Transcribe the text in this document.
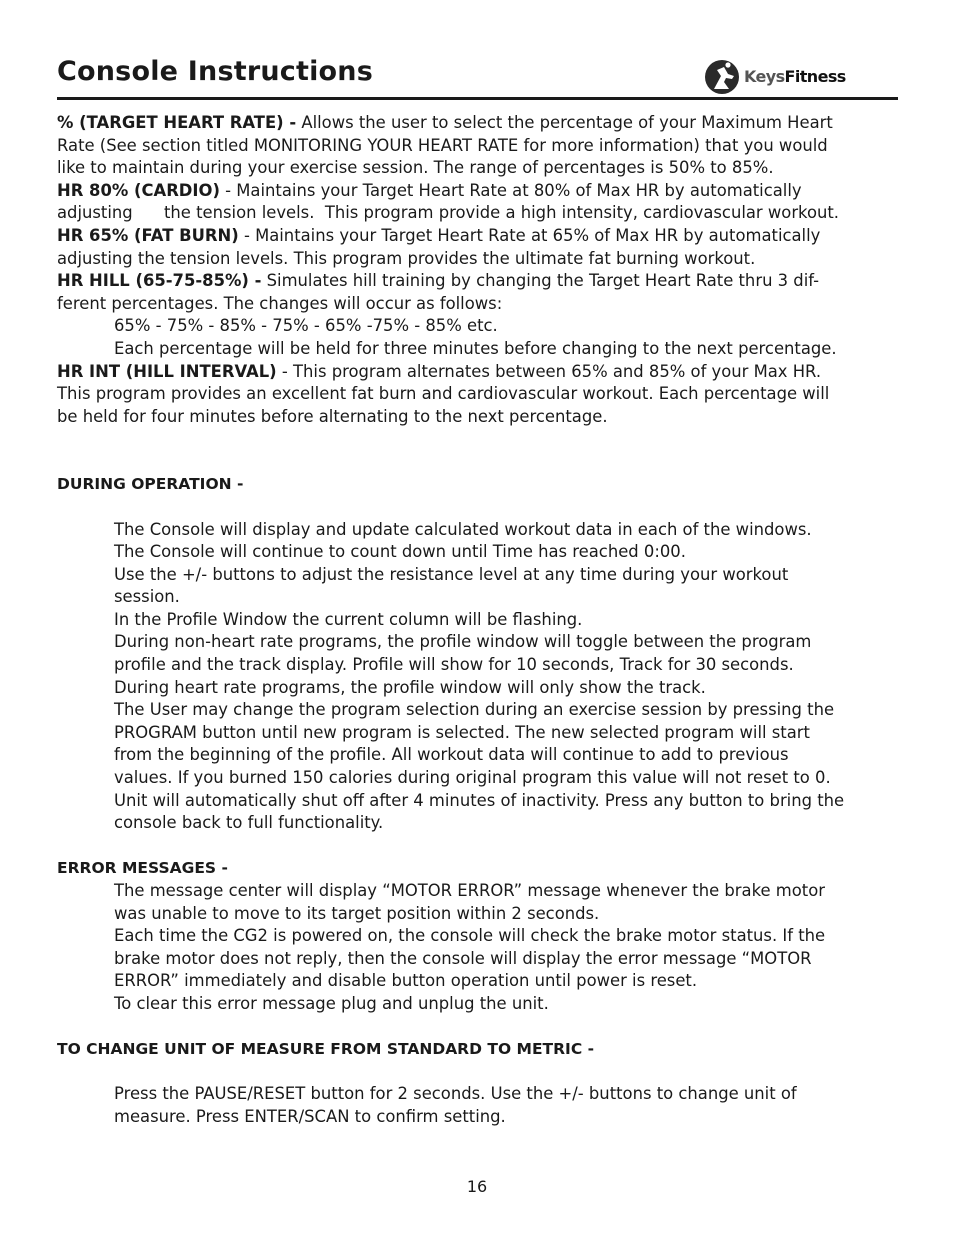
Console Instructions	KeysFitness

% (TARGET HEART RATE) - Allows the user to select the percentage of your Maximum Heart

Rate (See section titled MONITORING YOUR HEART RATE for more information) that you would

like to maintain during your exercise session. The range of percentages is 50% to 85%.

HR 80% (CARDIO) - Maintains your Target Heart Rate at 80% of Max HR by automatically

adjusting      the tension levels.  This program provide a high intensity, cardiovascular workout.

HR 65% (FAT BURN) - Maintains your Target Heart Rate at 65% of Max HR by automatically

adjusting the tension levels. This program provides the ultimate fat burning workout.

HR HILL (65-75-85%) - Simulates hill training by changing the Target Heart Rate thru 3 dif-

ferent percentages. The changes will occur as follows:

65% - 75% - 85% - 75% - 65% -75% - 85% etc.

Each percentage will be held for three minutes before changing to the next percentage.

HR INT (HILL INTERVAL) - This program alternates between 65% and 85% of your Max HR.

This program provides an excellent fat burn and cardiovascular workout. Each percentage will

be held for four minutes before alternating to the next percentage.

DURING OPERATION -

The Console will display and update calculated workout data in each of the windows.

The Console will continue to count down until Time has reached 0:00.

Use the +/- buttons to adjust the resistance level at any time during your workout

session.

In the Profile Window the current column will be flashing.

During non-heart rate programs, the profile window will toggle between the program

profile and the track display. Profile will show for 10 seconds, Track for 30 seconds.

During heart rate programs, the profile window will only show the track.

The User may change the program selection during an exercise session by pressing the

PROGRAM button until new program is selected. The new selected program will start

from the beginning of the profile. All workout data will continue to add to previous

values. If you burned 150 calories during original program this value will not reset to 0.

Unit will automatically shut off after 4 minutes of inactivity. Press any button to bring the

console back to full functionality.

ERROR MESSAGES -

The message center will display “MOTOR ERROR” message whenever the brake motor

was unable to move to its target position within 2 seconds.

Each time the CG2 is powered on, the console will check the brake motor status. If the

brake motor does not reply, then the console will display the error message “MOTOR

ERROR” immediately and disable button operation until power is reset.

To clear this error message plug and unplug the unit.

TO CHANGE UNIT OF MEASURE FROM STANDARD TO METRIC -

Press the PAUSE/RESET button for 2 seconds. Use the +/- buttons to change unit of

measure. Press ENTER/SCAN to confirm setting.

16
